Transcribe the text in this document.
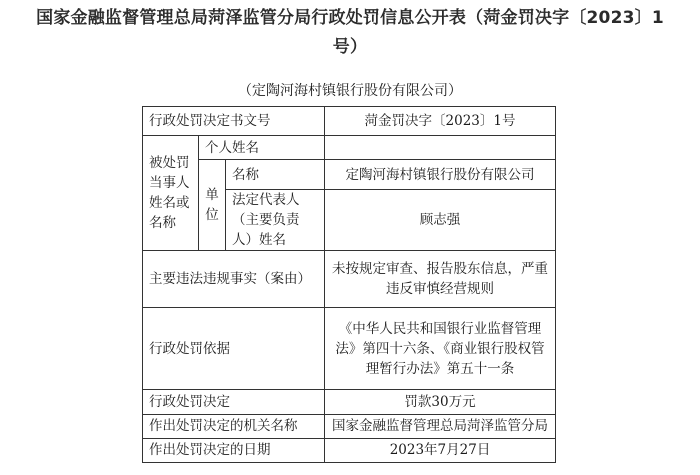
国家金融监督管理总局菏泽监管分局行政处罚信息公开表（菏金罚决字〔2023〕1
号）
（定陶河海村镇银行股份有限公司）
行政处罚决定书文号			菏金罚决字〔2023〕1号
被处罚当事人姓名或名称	个人姓名		
	单位	名称	定陶河海村镇银行股份有限公司
		法定代表人（主要负责人）姓名	顾志强
主要违法违规事实（案由）			未按规定审查、报告股东信息，严重违反审慎经营规则
行政处罚依据			《中华人民共和国银行业监督管理法》第四十六条、《商业银行股权管理暂行办法》第五十一条
行政处罚决定			罚款30万元
作出处罚决定的机关名称			国家金融监督管理总局菏泽监管分局
作出处罚决定的日期			2023年7月27日
